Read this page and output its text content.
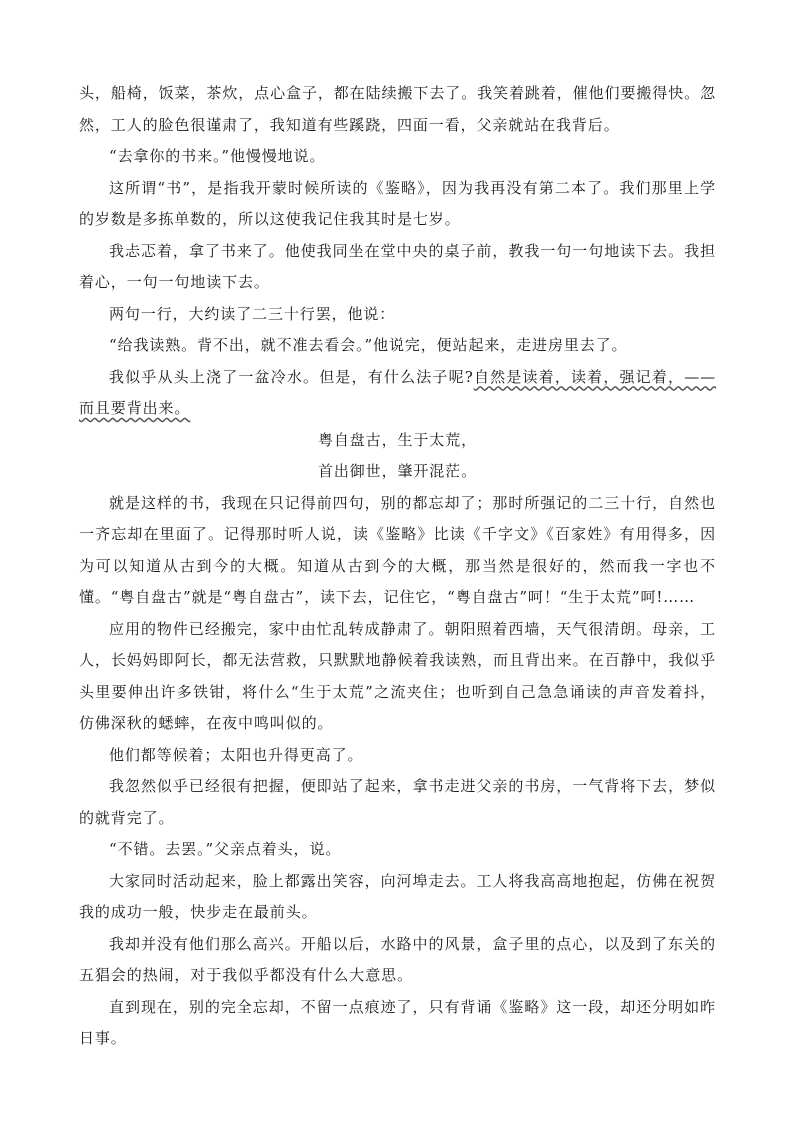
头，船椅，饭菜，茶炊，点心盒子，都在陆续搬下去了。我笑着跳着，催他们要搬得快。忽然，工人的脸色很谨肃了，我知道有些蹊跷，四面一看，父亲就站在我背后。

“去拿你的书来。”他慢慢地说。

这所谓“书”，是指我开蒙时候所读的《鉴略》，因为我再没有第二本了。我们那里上学的岁数是多拣单数的，所以这使我记住我其时是七岁。

我忐忑着，拿了书来了。他使我同坐在堂中央的桌子前，教我一句一句地读下去。我担着心，一句一句地读下去。

两句一行，大约读了二三十行罢，他说：

“给我读熟。背不出，就不准去看会。”他说完，便站起来，走进房里去了。

我似乎从头上浇了一盆冷水。但是，有什么法子呢?自然是读着，读着，强记着，——而且要背出来。

粤自盘古，生于太荒，

首出御世，肇开混茫。

就是这样的书，我现在只记得前四句，别的都忘却了；那时所强记的二三十行，自然也一齐忘却在里面了。记得那时听人说，读《鉴略》比读《千字文》《百家姓》有用得多，因为可以知道从古到今的大概。知道从古到今的大概，那当然是很好的，然而我一字也不懂。“粤自盘古”就是“粤自盘古”，读下去，记住它，“粤自盘古”呵！“生于太荒”呵!……

应用的物件已经搬完，家中由忙乱转成静肃了。朝阳照着西墙，天气很清朗。母亲，工人，长妈妈即阿长，都无法营救，只默默地静候着我读熟，而且背出来。在百静中，我似乎头里要伸出许多铁钳，将什么“生于太荒”之流夹住；也听到自己急急诵读的声音发着抖，仿佛深秋的蟋蟀，在夜中鸣叫似的。

他们都等候着；太阳也升得更高了。

我忽然似乎已经很有把握，便即站了起来，拿书走进父亲的书房，一气背将下去，梦似的就背完了。

“不错。去罢。”父亲点着头，说。

大家同时活动起来，脸上都露出笑容，向河埠走去。工人将我高高地抱起，仿佛在祝贺我的成功一般，快步走在最前头。

我却并没有他们那么高兴。开船以后，水路中的风景，盒子里的点心，以及到了东关的五猖会的热闹，对于我似乎都没有什么大意思。

直到现在，别的完全忘却，不留一点痕迹了，只有背诵《鉴略》这一段，却还分明如昨日事。
